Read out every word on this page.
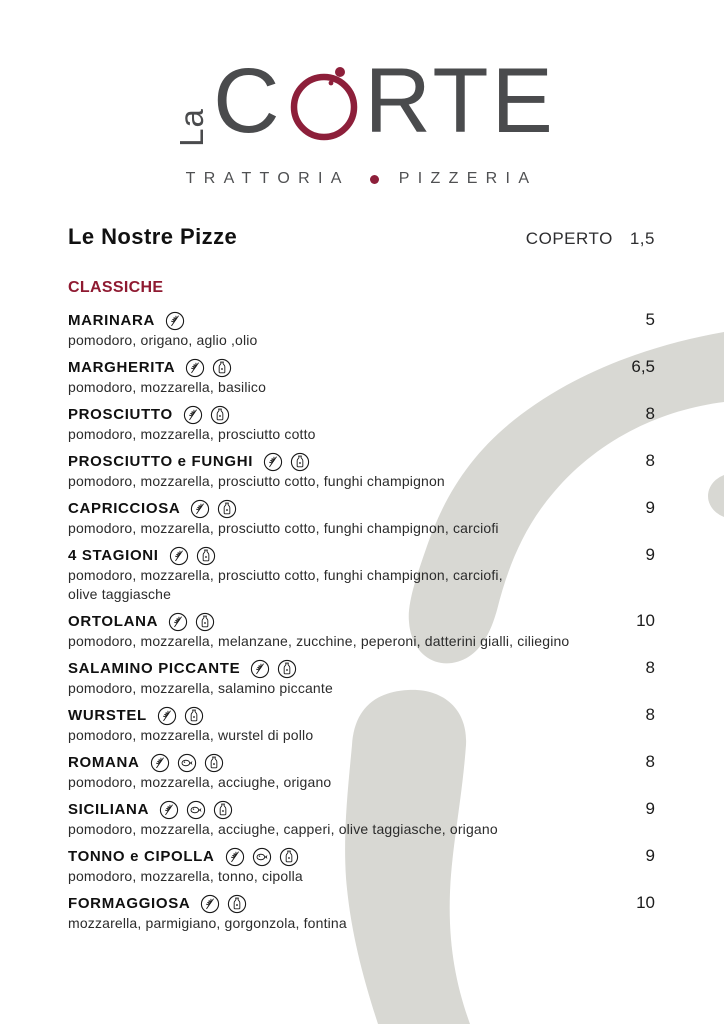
La C RTE
TRATTORIA	PIZZERIA
Le Nostre Pizze	COPERTO 1,5
CLASSICHE
MARINARA
pomodoro, origano, aglio ,olio
5
MARGHERITA
pomodoro, mozzarella, basilico
6,5
PROSCIUTTO
pomodoro, mozzarella, prosciutto cotto
8
PROSCIUTTO e FUNGHI
pomodoro, mozzarella, prosciutto cotto, funghi champignon
8
CAPRICCIOSA
pomodoro, mozzarella, prosciutto cotto, funghi champignon, carciofi
9
4 STAGIONI
pomodoro, mozzarella, prosciutto cotto, funghi champignon, carciofi,
olive taggiasche
9
ORTOLANA
pomodoro, mozzarella, melanzane, zucchine, peperoni, datterini gialli, ciliegino
10
SALAMINO PICCANTE
pomodoro, mozzarella, salamino piccante
8
WURSTEL
pomodoro, mozzarella, wurstel di pollo
8
ROMANA
pomodoro, mozzarella, acciughe, origano
8
SICILIANA
pomodoro, mozzarella, acciughe, capperi, olive taggiasche, origano
9
TONNO e CIPOLLA
pomodoro, mozzarella, tonno, cipolla
9
FORMAGGIOSA
mozzarella, parmigiano, gorgonzola, fontina
10
